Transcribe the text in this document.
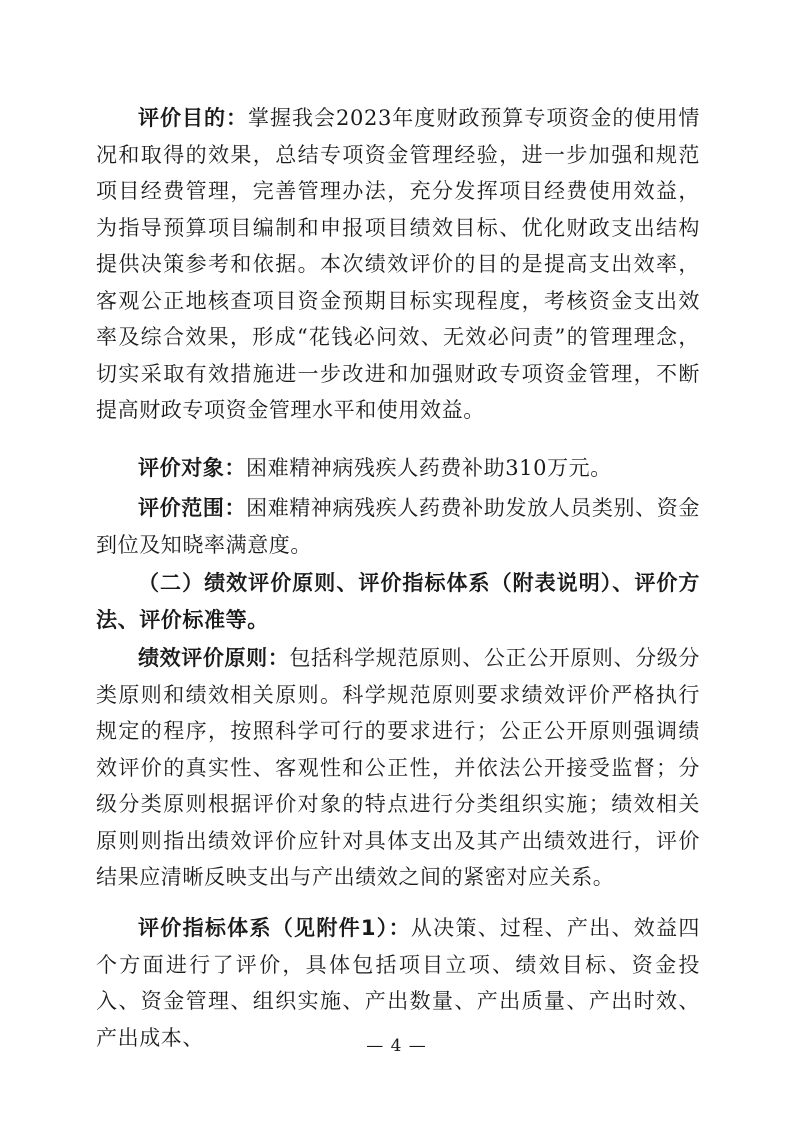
评价目的：掌握我会2023年度财政预算专项资金的使用情况和取得的效果，总结专项资金管理经验，进一步加强和规范项目经费管理，完善管理办法，充分发挥项目经费使用效益，为指导预算项目编制和申报项目绩效目标、优化财政支出结构提供决策参考和依据。本次绩效评价的目的是提高支出效率，客观公正地核查项目资金预期目标实现程度，考核资金支出效率及综合效果，形成“花钱必问效、无效必问责”的管理理念，切实采取有效措施进一步改进和加强财政专项资金管理，不断提高财政专项资金管理水平和使用效益。

评价对象：困难精神病残疾人药费补助310万元。

评价范围：困难精神病残疾人药费补助发放人员类别、资金到位及知晓率满意度。

（二）绩效评价原则、评价指标体系（附表说明）、评价方法、评价标准等。

绩效评价原则：包括科学规范原则、公正公开原则、分级分类原则和绩效相关原则。科学规范原则要求绩效评价严格执行规定的程序，按照科学可行的要求进行；公正公开原则强调绩效评价的真实性、客观性和公正性，并依法公开接受监督；分级分类原则根据评价对象的特点进行分类组织实施；绩效相关原则则指出绩效评价应针对具体支出及其产出绩效进行，评价结果应清晰反映支出与产出绩效之间的紧密对应关系。

评价指标体系（见附件1）：从决策、过程、产出、效益四个方面进行了评价，具体包括项目立项、绩效目标、资金投入、资金管理、组织实施、产出数量、产出质量、产出时效、产出成本、	— 4 —
